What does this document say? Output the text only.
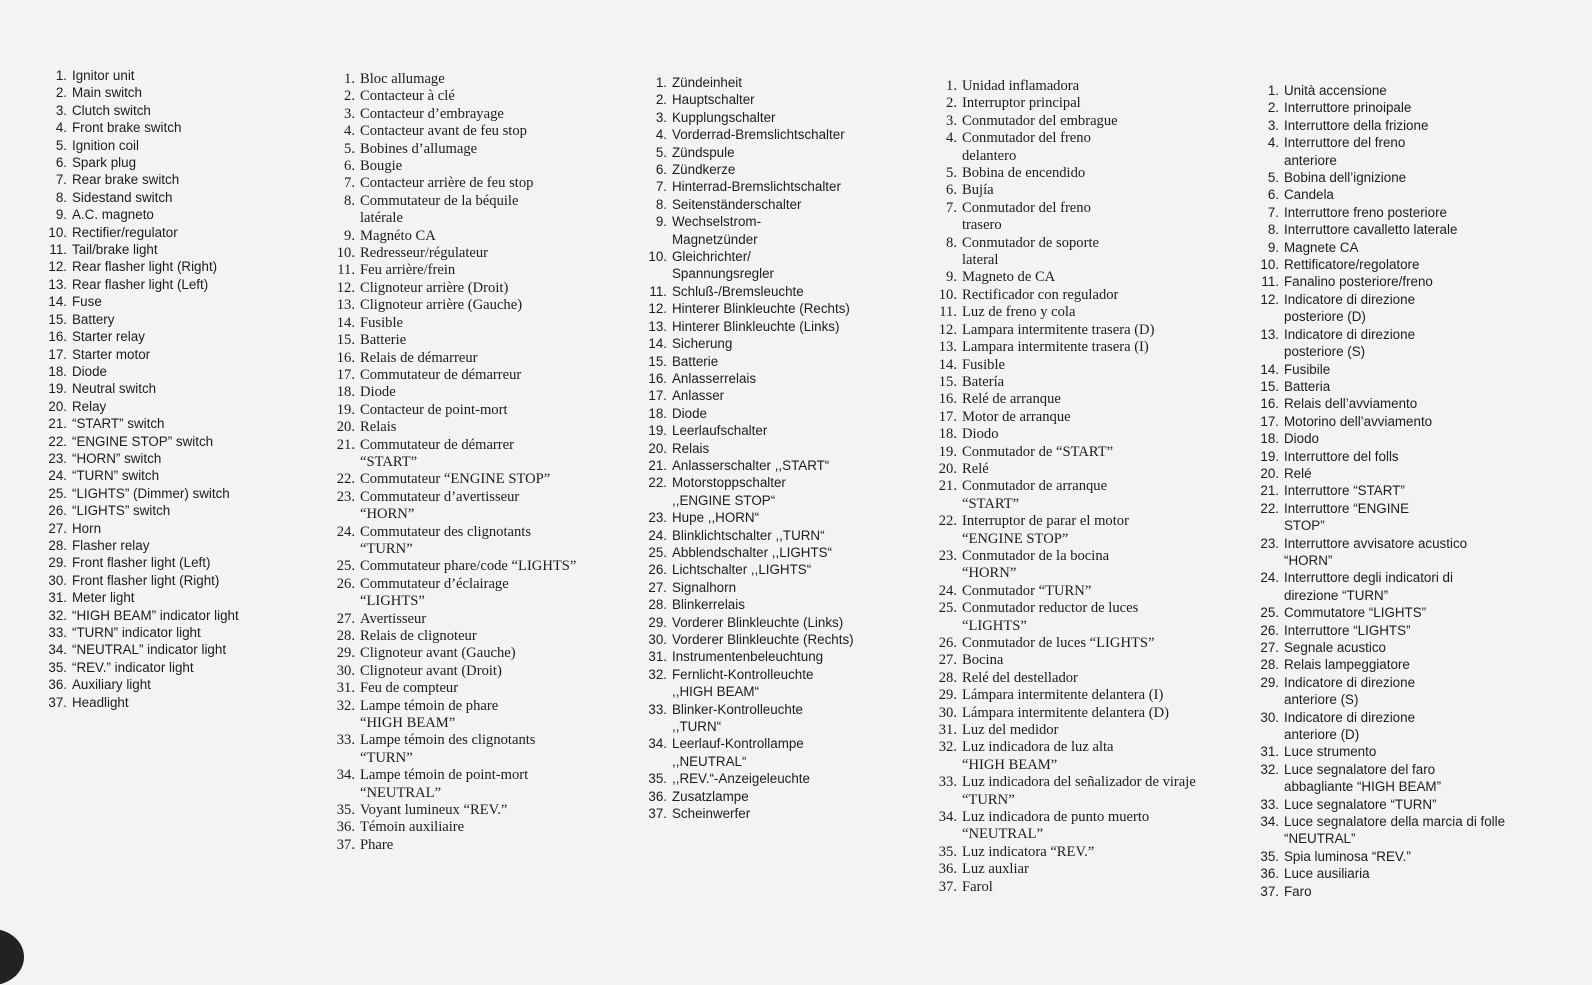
1. Ignitor unit
2. Main switch
3. Clutch switch
4. Front brake switch
5. Ignition coil
6. Spark plug
7. Rear brake switch
8. Sidestand switch
9. A.C. magneto
10. Rectifier/regulator
11. Tail/brake light
12. Rear flasher light (Right)
13. Rear flasher light (Left)
14. Fuse
15. Battery
16. Starter relay
17. Starter motor
18. Diode
19. Neutral switch
20. Relay
21. “START” switch
22. “ENGINE STOP” switch
23. “HORN” switch
24. “TURN” switch
25. “LIGHTS” (Dimmer) switch
26. “LIGHTS” switch
27. Horn
28. Flasher relay
29. Front flasher light (Left)
30. Front flasher light (Right)
31. Meter light
32. “HIGH BEAM” indicator light
33. “TURN” indicator light
34. “NEUTRAL” indicator light
35. “REV.” indicator light
36. Auxiliary light
37. Headlight
1. Bloc allumage
2. Contacteur à clé
3. Contacteur d’embrayage
4. Contacteur avant de feu stop
5. Bobines d’allumage
6. Bougie
7. Contacteur arrière de feu stop
8. Commutateur de la béquile
latérale
9. Magnéto CA
10. Redresseur/régulateur
11. Feu arrière/frein
12. Clignoteur arrière (Droit)
13. Clignoteur arrière (Gauche)
14. Fusible
15. Batterie
16. Relais de démarreur
17. Commutateur de démarreur
18. Diode
19. Contacteur de point-mort
20. Relais
21. Commutateur de démarrer
“START”
22. Commutateur “ENGINE STOP”
23. Commutateur d’avertisseur
“HORN”
24. Commutateur des clignotants
“TURN”
25. Commutateur phare/code “LIGHTS”
26. Commutateur d’éclairage
“LIGHTS”
27. Avertisseur
28. Relais de clignoteur
29. Clignoteur avant (Gauche)
30. Clignoteur avant (Droit)
31. Feu de compteur
32. Lampe témoin de phare
“HIGH BEAM”
33. Lampe témoin des clignotants
“TURN”
34. Lampe témoin de point-mort
“NEUTRAL”
35. Voyant lumineux “REV.”
36. Témoin auxiliaire
37. Phare
1. Zündeinheit
2. Hauptschalter
3. Kupplungschalter
4. Vorderrad-Bremslichtschalter
5. Zündspule
6. Zündkerze
7. Hinterrad-Bremslichtschalter
8. Seitenständerschalter
9. Wechselstrom-
Magnetzünder
10. Gleichrichter/
Spannungsregler
11. Schluß-/Bremsleuchte
12. Hinterer Blinkleuchte (Rechts)
13. Hinterer Blinkleuchte (Links)
14. Sicherung
15. Batterie
16. Anlasserrelais
17. Anlasser
18. Diode
19. Leerlaufschalter
20. Relais
21. Anlasserschalter ,,START“
22. Motorstoppschalter
,,ENGINE STOP“
23. Hupe ,,HORN“
24. Blinklichtschalter ,,TURN“
25. Abblendschalter ,,LIGHTS“
26. Lichtschalter ,,LIGHTS“
27. Signalhorn
28. Blinkerrelais
29. Vorderer Blinkleuchte (Links)
30. Vorderer Blinkleuchte (Rechts)
31. Instrumentenbeleuchtung
32. Fernlicht-Kontrolleuchte
,,HIGH BEAM“
33. Blinker-Kontrolleuchte
,,TURN“
34. Leerlauf-Kontrollampe
,,NEUTRAL“
35. ,,REV.“-Anzeigeleuchte
36. Zusatzlampe
37. Scheinwerfer
1. Unidad inflamadora
2. Interruptor principal
3. Conmutador del embrague
4. Conmutador del freno
delantero
5. Bobina de encendido
6. Bujía
7. Conmutador del freno
trasero
8. Conmutador de soporte
lateral
9. Magneto de CA
10. Rectificador con regulador
11. Luz de freno y cola
12. Lampara intermitente trasera (D)
13. Lampara intermitente trasera (I)
14. Fusible
15. Batería
16. Relé de arranque
17. Motor de arranque
18. Diodo
19. Conmutador de “START”
20. Relé
21. Conmutador de arranque
“START”
22. Interruptor de parar el motor
“ENGINE STOP”
23. Conmutador de la bocina
“HORN”
24. Conmutador “TURN”
25. Conmutador reductor de luces
“LIGHTS”
26. Conmutador de luces “LIGHTS”
27. Bocina
28. Relé del destellador
29. Lámpara intermitente delantera (I)
30. Lámpara intermitente delantera (D)
31. Luz del medidor
32. Luz indicadora de luz alta
“HIGH BEAM”
33. Luz indicadora del señalizador de viraje
“TURN”
34. Luz indicadora de punto muerto
“NEUTRAL”
35. Luz indicatora “REV.”
36. Luz auxliar
37. Farol
1. Unità accensione
2. Interruttore prinoipale
3. Interruttore della frizione
4. Interruttore del freno
anteriore
5. Bobina dell’ignizione
6. Candela
7. Interruttore freno posteriore
8. Interruttore cavalletto laterale
9. Magnete CA
10. Rettificatore/regolatore
11. Fanalino posteriore/freno
12. Indicatore di direzione
posteriore (D)
13. Indicatore di direzione
posteriore (S)
14. Fusibile
15. Batteria
16. Relais dell’avviamento
17. Motorino dell’avviamento
18. Diodo
19. Interruttore del folls
20. Relé
21. Interruttore “START”
22. Interruttore “ENGINE
STOP”
23. Interruttore avvisatore acustico
“HORN”
24. Interruttore degli indicatori di
direzione “TURN”
25. Commutatore “LIGHTS”
26. Interruttore “LIGHTS”
27. Segnale acustico
28. Relais lampeggiatore
29. Indicatore di direzione
anteriore (S)
30. Indicatore di direzione
anteriore (D)
31. Luce strumento
32. Luce segnalatore del faro
abbagliante “HIGH BEAM”
33. Luce segnalatore “TURN”
34. Luce segnalatore della marcia di folle
“NEUTRAL”
35. Spia luminosa “REV.”
36. Luce ausiliaria
37. Faro
